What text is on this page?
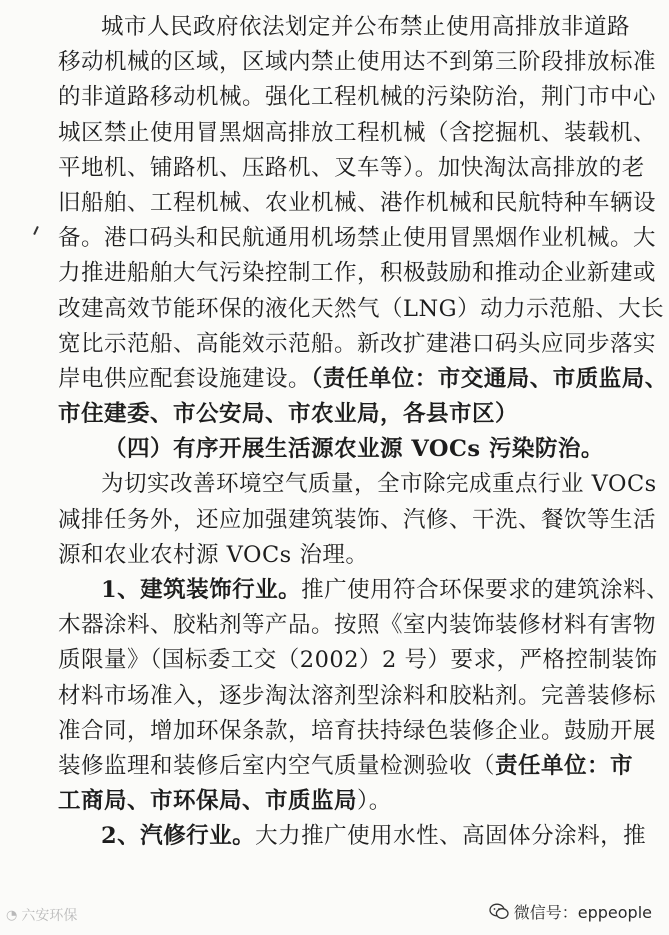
城市人民政府依法划定并公布禁止使用高排放非道路
移动机械的区域，区域内禁止使用达不到第三阶段排放标准
的非道路移动机械。强化工程机械的污染防治，荆门市中心
城区禁止使用冒黑烟高排放工程机械（含挖掘机、装载机、
平地机、铺路机、压路机、叉车等）。加快淘汰高排放的老
旧船舶、工程机械、农业机械、港作机械和民航特种车辆设
备。港口码头和民航通用机场禁止使用冒黑烟作业机械。大
力推进船舶大气污染控制工作，积极鼓励和推动企业新建或
改建高效节能环保的液化天然气（LNG）动力示范船、大长
宽比示范船、高能效示范船。新改扩建港口码头应同步落实
岸电供应配套设施建设。（责任单位：市交通局、市质监局、
市住建委、市公安局、市农业局，各县市区）
（四）有序开展生活源农业源 VOCs 污染防治。
为切实改善环境空气质量，全市除完成重点行业 VOCs
减排任务外，还应加强建筑装饰、汽修、干洗、餐饮等生活
源和农业农村源 VOCs 治理。
1、建筑装饰行业。推广使用符合环保要求的建筑涂料、
木器涂料、胶粘剂等产品。按照《室内装饰装修材料有害物
质限量》（国标委工交（2002）2 号）要求，严格控制装饰
材料市场准入，逐步淘汰溶剂型涂料和胶粘剂。完善装修标
准合同，增加环保条款，培育扶持绿色装修企业。鼓励开展
装修监理和装修后室内空气质量检测验收（责任单位：市
工商局、市环保局、市质监局）。
2、汽修行业。大力推广使用水性、高固体分涂料，推
◔ 六安环保	微信号：eppeople
